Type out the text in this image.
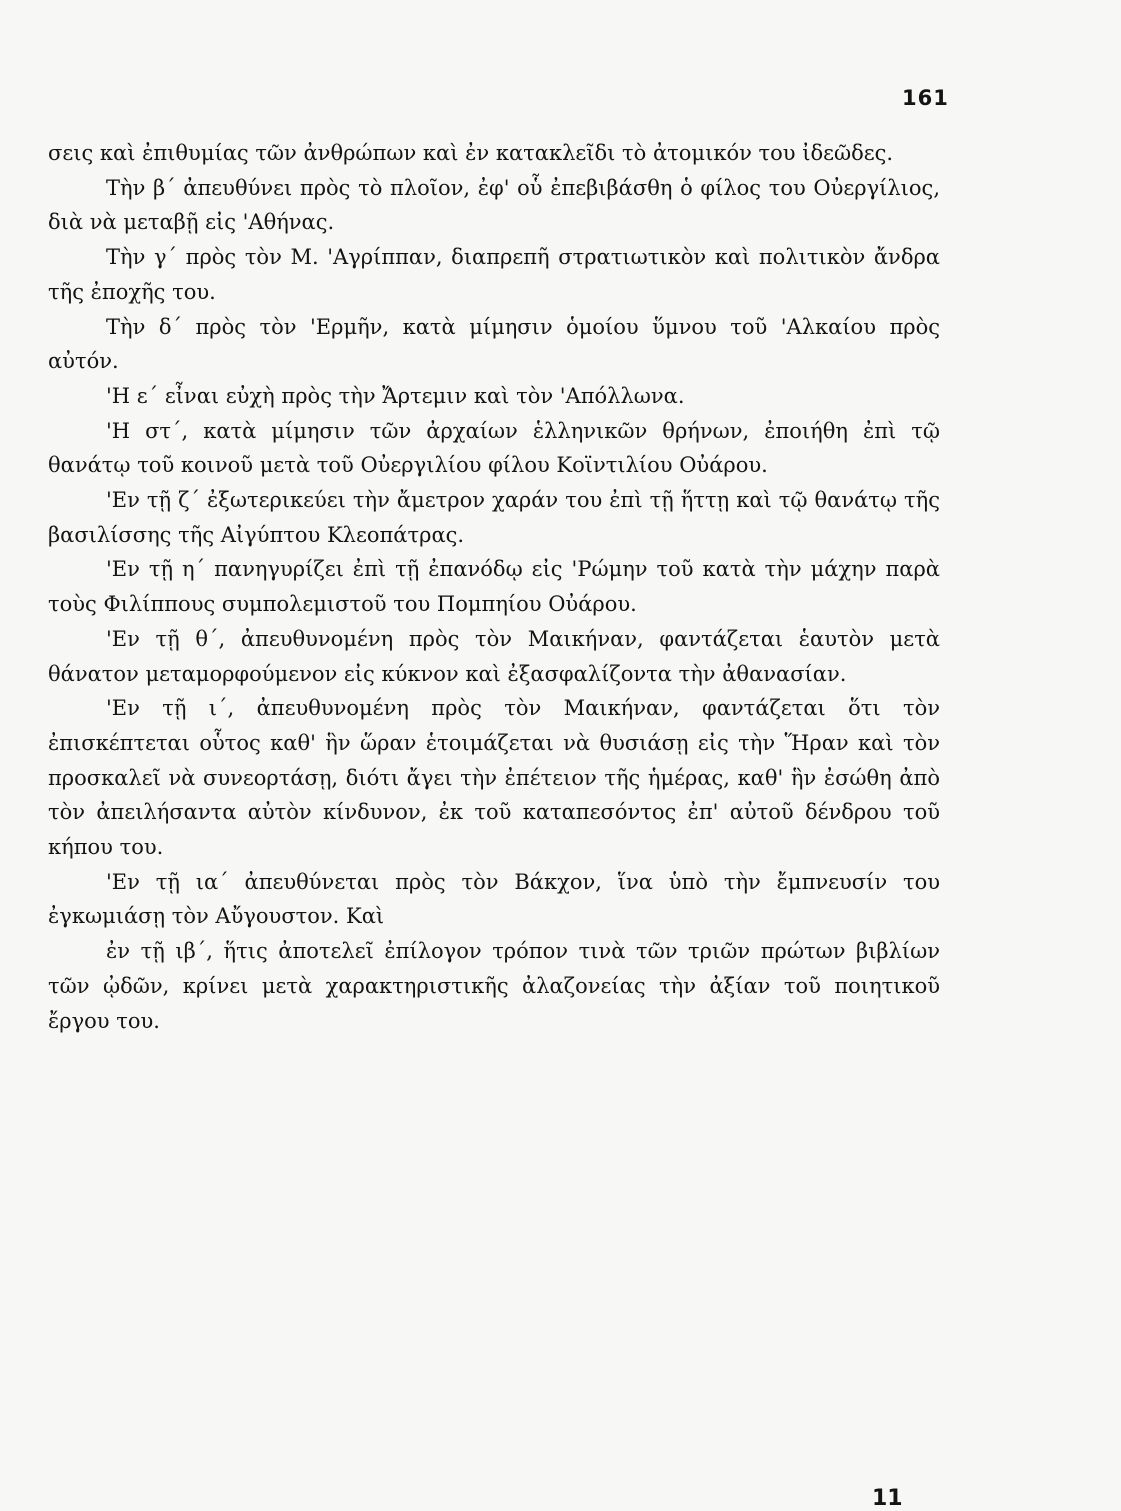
161

σεις καὶ ἐπιθυμίας τῶν ἀνθρώπων καὶ ἐν κατακλεῖδι τὸ ἀτομικόν του ἰδεῶδες.

Τὴν β΄ ἀπευθύνει πρὸς τὸ πλοῖον, ἐφ' οὗ ἐπεβιβάσθη ὁ φίλος του Οὐεργίλιος, διὰ νὰ μεταβῇ εἰς 'Αθήνας.

Τὴν γ΄ πρὸς τὸν Μ. 'Αγρίππαν, διαπρεπῆ στρατιωτικὸν καὶ πολιτικὸν ἄνδρα τῆς ἐποχῆς του.

Τὴν δ΄ πρὸς τὸν 'Ερμῆν, κατὰ μίμησιν ὁμοίου ὕμνου τοῦ 'Αλκαίου πρὸς αὐτόν.

'Η ε΄ εἶναι εὐχὴ πρὸς τὴν Ἄρτεμιν καὶ τὸν 'Απόλλωνα.

'Η στ΄, κατὰ μίμησιν τῶν ἀρχαίων ἑλληνικῶν θρήνων, ἐποιήθη ἐπὶ τῷ θανάτῳ τοῦ κοινοῦ μετὰ τοῦ Οὐεργιλίου φίλου Κοϊντιλίου Οὐάρου.

'Εν τῇ ζ΄ ἐξωτερικεύει τὴν ἄμετρον χαράν του ἐπὶ τῇ ἥττῃ καὶ τῷ θανάτῳ τῆς βασιλίσσης τῆς Αἰγύπτου Κλεοπάτρας.

'Εν τῇ η΄ πανηγυρίζει ἐπὶ τῇ ἐπανόδῳ εἰς 'Ρώμην τοῦ κατὰ τὴν μάχην παρὰ τοὺς Φιλίππους συμπολεμιστοῦ του Πομπηίου Οὐάρου.

'Εν τῇ θ΄, ἀπευθυνομένη πρὸς τὸν Μαικήναν, φαντάζεται ἑαυτὸν μετὰ θάνατον μεταμορφούμενον εἰς κύκνον καὶ ἐξασφαλίζοντα τὴν ἀθανασίαν.

'Εν τῇ ι΄, ἀπευθυνομένη πρὸς τὸν Μαικήναν, φαντάζεται ὅτι τὸν ἐπισκέπτεται οὗτος καθ' ἣν ὥραν ἑτοιμάζεται νὰ θυσιάσῃ εἰς τὴν Ἥραν καὶ τὸν προσκαλεῖ νὰ συνεορτάσῃ, διότι ἄγει τὴν ἐπέτειον τῆς ἡμέρας, καθ' ἣν ἐσώθη ἀπὸ τὸν ἀπειλήσαντα αὐτὸν κίνδυνον, ἐκ τοῦ καταπεσόντος ἐπ' αὐτοῦ δένδρου τοῦ κήπου του.

'Εν τῇ ια΄ ἀπευθύνεται πρὸς τὸν Βάκχον, ἵνα ὑπὸ τὴν ἔμπνευσίν του ἐγκωμιάσῃ τὸν Αὔγουστον. Καὶ

ἐν τῇ ιβ΄, ἥτις ἀποτελεῖ ἐπίλογον τρόπον τινὰ τῶν τριῶν πρώτων βιβλίων τῶν ᾠδῶν, κρίνει μετὰ χαρακτηριστικῆς ἀλαζονείας τὴν ἀξίαν τοῦ ποιητικοῦ ἔργου του.

11
